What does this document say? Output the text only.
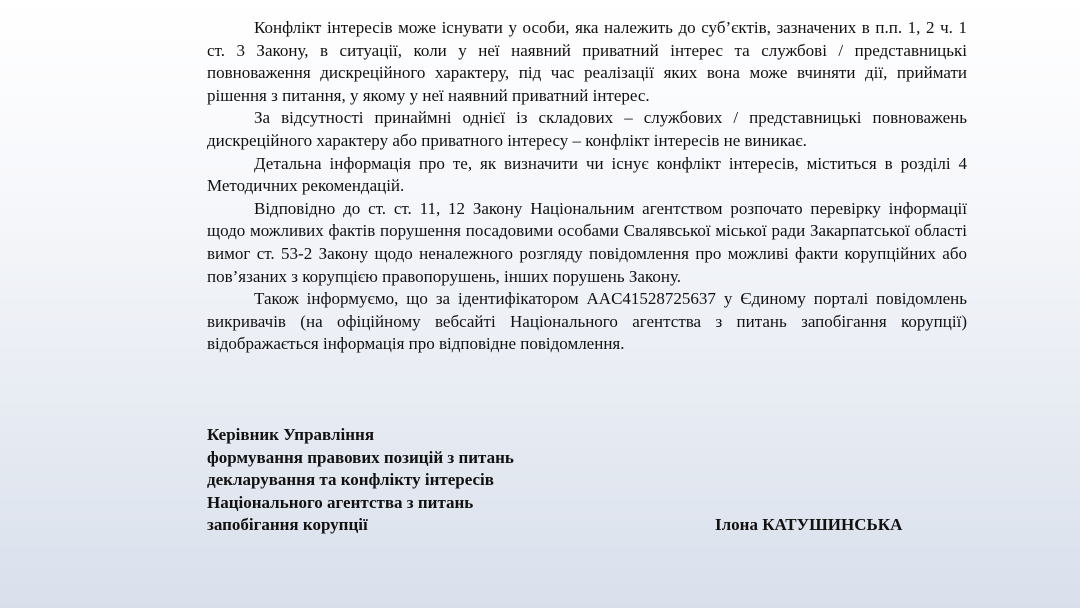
Конфлікт інтересів може існувати у особи, яка належить до суб’єктів, зазначених в п.п. 1, 2 ч. 1 ст. 3 Закону, в ситуації, коли у неї наявний приватний інтерес та службові / представницькі повноваження дискреційного характеру, під час реалізації яких вона може вчиняти дії, приймати рішення з питання, у якому у неї наявний приватний інтерес.

За відсутності принаймні однієї із складових – службових / представницькі повноважень дискреційного характеру або приватного інтересу – конфлікт інтересів не виникає.

Детальна інформація про те, як визначити чи існує конфлікт інтересів, міститься в розділі 4 Методичних рекомендацій.

Відповідно до ст. ст. 11, 12 Закону Національним агентством розпочато перевірку інформації щодо можливих фактів порушення посадовими особами Свалявської міської ради Закарпатської області вимог ст. 53-2 Закону щодо неналежного розгляду повідомлення про можливі факти корупційних або пов’язаних з корупцією правопорушень, інших порушень Закону.

Також інформуємо, що за ідентифікатором AAC41528725637 у Єдиному порталі повідомлень викривачів (на офіційному вебсайті Національного агентства з питань запобігання корупції) відображається інформація про відповідне повідомлення.

Керівник Управління
формування правових позицій з питань
декларування та конфлікту інтересів
Національного агентства з питань
запобігання корупції	Ілона КАТУШИНСЬКА
